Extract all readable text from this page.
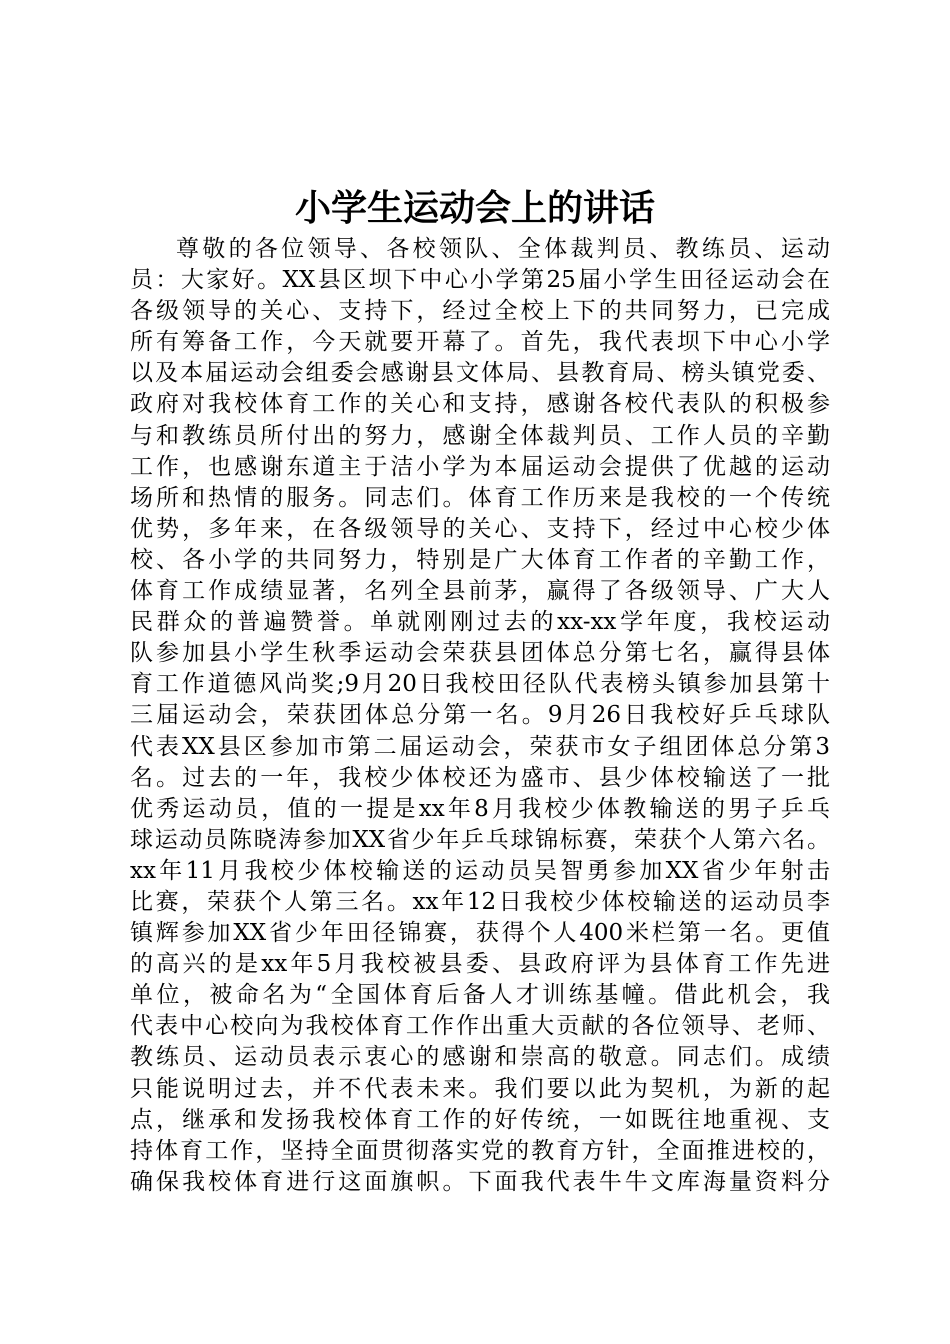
小学生运动会上的讲话
尊敬的各位领导、各校领队、全体裁判员、教练员、运动
员：大家好。XX县区坝下中心小学第25届小学生田径运动会在
各级领导的关心、支持下，经过全校上下的共同努力，已完成
所有筹备工作，今天就要开幕了。首先，我代表坝下中心小学
以及本届运动会组委会感谢县文体局、县教育局、榜头镇党委、
政府对我校体育工作的关心和支持，感谢各校代表队的积极参
与和教练员所付出的努力，感谢全体裁判员、工作人员的辛勤
工作，也感谢东道主于洁小学为本届运动会提供了优越的运动
场所和热情的服务。同志们。体育工作历来是我校的一个传统
优势，多年来，在各级领导的关心、支持下，经过中心校少体
校、各小学的共同努力，特别是广大体育工作者的辛勤工作，
体育工作成绩显著，名列全县前茅，赢得了各级领导、广大人
民群众的普遍赞誉。单就刚刚过去的xx-xx学年度，我校运动
队参加县小学生秋季运动会荣获县团体总分第七名，赢得县体
育工作道德风尚奖;9月20日我校田径队代表榜头镇参加县第十
三届运动会，荣获团体总分第一名。9月26日我校好乒乓球队
代表XX县区参加市第二届运动会，荣获市女子组团体总分第3
名。过去的一年，我校少体校还为盛市、县少体校输送了一批
优秀运动员，值的一提是xx年8月我校少体教输送的男子乒乓
球运动员陈晓涛参加XX省少年乒乓球锦标赛，荣获个人第六名。
xx年11月我校少体校输送的运动员吴智勇参加XX省少年射击
比赛，荣获个人第三名。xx年12日我校少体校输送的运动员李
镇辉参加XX省少年田径锦赛，获得个人400米栏第一名。更值
的高兴的是xx年5月我校被县委、县政府评为县体育工作先进
单位，被命名为“全国体育后备人才训练基幢。借此机会，我
代表中心校向为我校体育工作作出重大贡献的各位领导、老师、
教练员、运动员表示衷心的感谢和崇高的敬意。同志们。成绩
只能说明过去，并不代表未来。我们要以此为契机，为新的起
点，继承和发扬我校体育工作的好传统，一如既往地重视、支
持体育工作，坚持全面贯彻落实党的教育方针，全面推进校的，
确保我校体育进行这面旗帜。下面我代表牛牛文库海量资料分
